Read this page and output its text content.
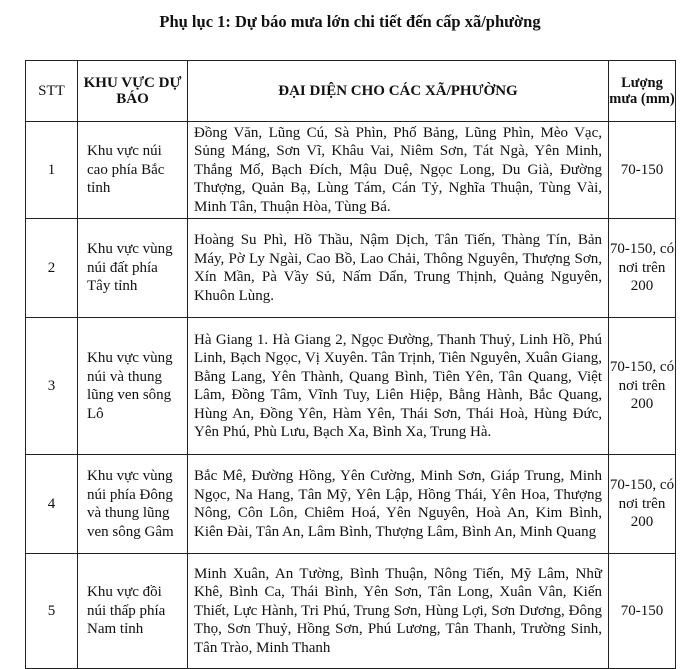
Phụ lục 1: Dự báo mưa lớn chi tiết đến cấp xã/phường
STT	KHU VỰC DỰ BÁO	ĐẠI DIỆN CHO CÁC XÃ/PHƯỜNG	Lượng mưa (mm)
1	Khu vực núi cao phía Bắc tỉnh	Đồng Văn, Lũng Cú, Sà Phìn, Phố Bảng, Lũng Phìn, Mèo Vạc, Sủng Máng, Sơn Vĩ, Khâu Vai, Niêm Sơn, Tát Ngà, Yên Minh, Thắng Mố, Bạch Đích, Mậu Duệ, Ngọc Long, Du Già, Đường Thượng, Quản Bạ, Lùng Tám, Cán Tỷ, Nghĩa Thuận, Tùng Vài, Minh Tân, Thuận Hòa, Tùng Bá.	70-150
2	Khu vực vùng núi đất phía Tây tỉnh	Hoàng Su Phì, Hồ Thầu, Nậm Dịch, Tân Tiến, Thàng Tín, Bản Máy, Pờ Ly Ngài, Cao Bồ, Lao Chải, Thông Nguyên, Thượng Sơn, Xín Mần, Pà Vầy Sủ, Nấm Dẩn, Trung Thịnh, Quảng Nguyên, Khuôn Lùng.	70-150, có nơi trên 200
3	Khu vực vùng núi và thung lũng ven sông Lô	Hà Giang 1. Hà Giang 2, Ngọc Đường, Thanh Thuỷ, Linh Hồ, Phú Linh, Bạch Ngọc, Vị Xuyên. Tân Trịnh, Tiên Nguyên, Xuân Giang, Bằng Lang, Yên Thành, Quang Bình, Tiên Yên, Tân Quang, Việt Lâm, Đồng Tâm, Vĩnh Tuy, Liên Hiệp, Bằng Hành, Bắc Quang, Hùng An, Đồng Yên, Hàm Yên, Thái Sơn, Thái Hoà, Hùng Đức, Yên Phú, Phù Lưu, Bạch Xa, Bình Xa, Trung Hà.	70-150, có nơi trên 200
4	Khu vực vùng núi phía Đông và thung lũng ven sông Gâm	Bắc Mê, Đường Hồng, Yên Cường, Minh Sơn, Giáp Trung, Minh Ngọc, Na Hang, Tân Mỹ, Yên Lập, Hồng Thái, Yên Hoa, Thượng Nông, Côn Lôn, Chiêm Hoá, Yên Nguyên, Hoà An, Kim Bình, Kiên Đài, Tân An, Lâm Bình, Thượng Lâm, Bình An, Minh Quang	70-150, có nơi trên 200
5	Khu vực đồi núi thấp phía Nam tỉnh	Minh Xuân, An Tường, Bình Thuận, Nông Tiến, Mỹ Lâm, Nhữ Khê, Bình Ca, Thái Bình, Yên Sơn, Tân Long, Xuân Vân, Kiến Thiết, Lực Hành, Tri Phú, Trung Sơn, Hùng Lợi, Sơn Dương, Đông Thọ, Sơn Thuỷ, Hồng Sơn, Phú Lương, Tân Thanh, Trường Sinh, Tân Trào, Minh Thanh	70-150
